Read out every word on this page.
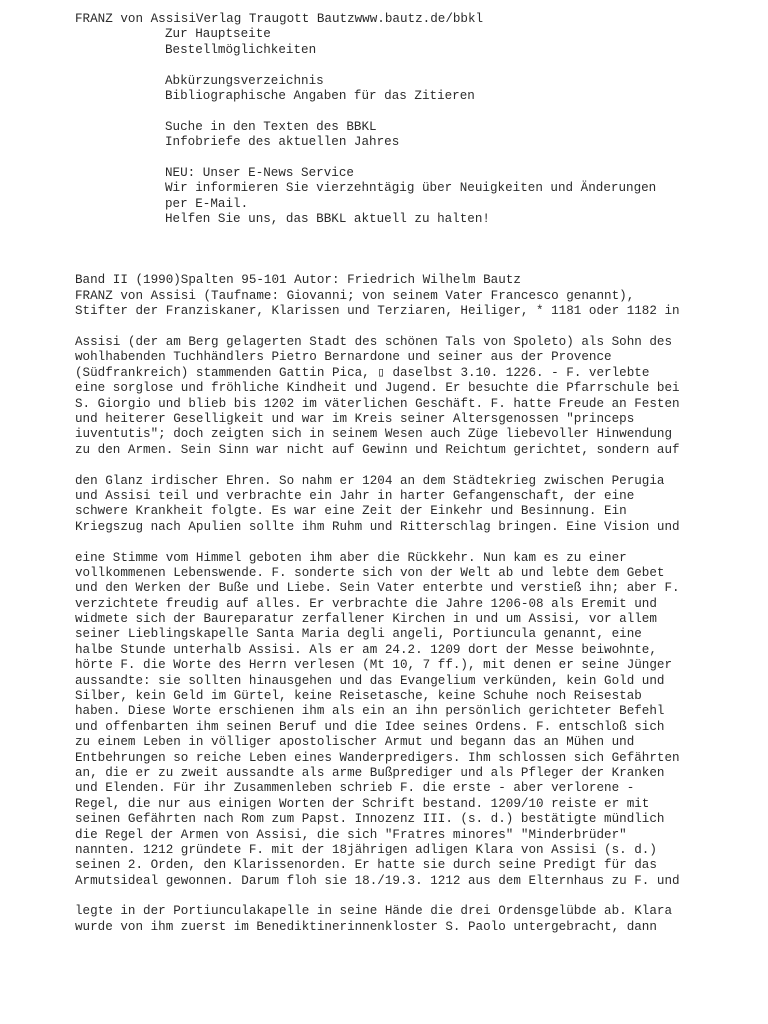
FRANZ von AssisiVerlag Traugott Bautzwww.bautz.de/bbkl
Zur Hauptseite
Bestellmöglichkeiten
Abkürzungsverzeichnis
Bibliographische Angaben für das Zitieren
Suche in den Texten des BBKL
Infobriefe des aktuellen Jahres
NEU: Unser E-News Service
Wir informieren Sie vierzehntägig über Neuigkeiten und Änderungen
per E-Mail.
Helfen Sie uns, das BBKL aktuell zu halten!
Band II (1990)Spalten 95-101 Autor: Friedrich Wilhelm Bautz
FRANZ von Assisi (Taufname: Giovanni; von seinem Vater Francesco genannt),
Stifter der Franziskaner, Klarissen und Terziaren, Heiliger, * 1181 oder 1182 in
Assisi (der am Berg gelagerten Stadt des schönen Tals von Spoleto) als Sohn des
wohlhabenden Tuchhändlers Pietro Bernardone und seiner aus der Provence
(Südfrankreich) stammenden Gattin Pica, ▯ daselbst 3.10. 1226. - F. verlebte
eine sorglose und fröhliche Kindheit und Jugend. Er besuchte die Pfarrschule bei
S. Giorgio und blieb bis 1202 im väterlichen Geschäft. F. hatte Freude an Festen
und heiterer Geselligkeit und war im Kreis seiner Altersgenossen "princeps
iuventutis"; doch zeigten sich in seinem Wesen auch Züge liebevoller Hinwendung
zu den Armen. Sein Sinn war nicht auf Gewinn und Reichtum gerichtet, sondern auf
den Glanz irdischer Ehren. So nahm er 1204 an dem Städtekrieg zwischen Perugia
und Assisi teil und verbrachte ein Jahr in harter Gefangenschaft, der eine
schwere Krankheit folgte. Es war eine Zeit der Einkehr und Besinnung. Ein
Kriegszug nach Apulien sollte ihm Ruhm und Ritterschlag bringen. Eine Vision und
eine Stimme vom Himmel geboten ihm aber die Rückkehr. Nun kam es zu einer
vollkommenen Lebenswende. F. sonderte sich von der Welt ab und lebte dem Gebet
und den Werken der Buße und Liebe. Sein Vater enterbte und verstieß ihn; aber F.
verzichtete freudig auf alles. Er verbrachte die Jahre 1206-08 als Eremit und
widmete sich der Baureparatur zerfallener Kirchen in und um Assisi, vor allem
seiner Lieblingskapelle Santa Maria degli angeli, Portiuncula genannt, eine
halbe Stunde unterhalb Assisi. Als er am 24.2. 1209 dort der Messe beiwohnte,
hörte F. die Worte des Herrn verlesen (Mt 10, 7 ff.), mit denen er seine Jünger
aussandte: sie sollten hinausgehen und das Evangelium verkünden, kein Gold und
Silber, kein Geld im Gürtel, keine Reisetasche, keine Schuhe noch Reisestab
haben. Diese Worte erschienen ihm als ein an ihn persönlich gerichteter Befehl
und offenbarten ihm seinen Beruf und die Idee seines Ordens. F. entschloß sich
zu einem Leben in völliger apostolischer Armut und begann das an Mühen und
Entbehrungen so reiche Leben eines Wanderpredigers. Ihm schlossen sich Gefährten
an, die er zu zweit aussandte als arme Bußprediger und als Pfleger der Kranken
und Elenden. Für ihr Zusammenleben schrieb F. die erste - aber verlorene -
Regel, die nur aus einigen Worten der Schrift bestand. 1209/10 reiste er mit
seinen Gefährten nach Rom zum Papst. Innozenz III. (s. d.) bestätigte mündlich
die Regel der Armen von Assisi, die sich "Fratres minores" "Minderbrüder"
nannten. 1212 gründete F. mit der 18jährigen adligen Klara von Assisi (s. d.)
seinen 2. Orden, den Klarissenorden. Er hatte sie durch seine Predigt für das
Armutsideal gewonnen. Darum floh sie 18./19.3. 1212 aus dem Elternhaus zu F. und
legte in der Portiunculakapelle in seine Hände die drei Ordensgelübde ab. Klara
wurde von ihm zuerst im Benediktinerinnenkloster S. Paolo untergebracht, dann
